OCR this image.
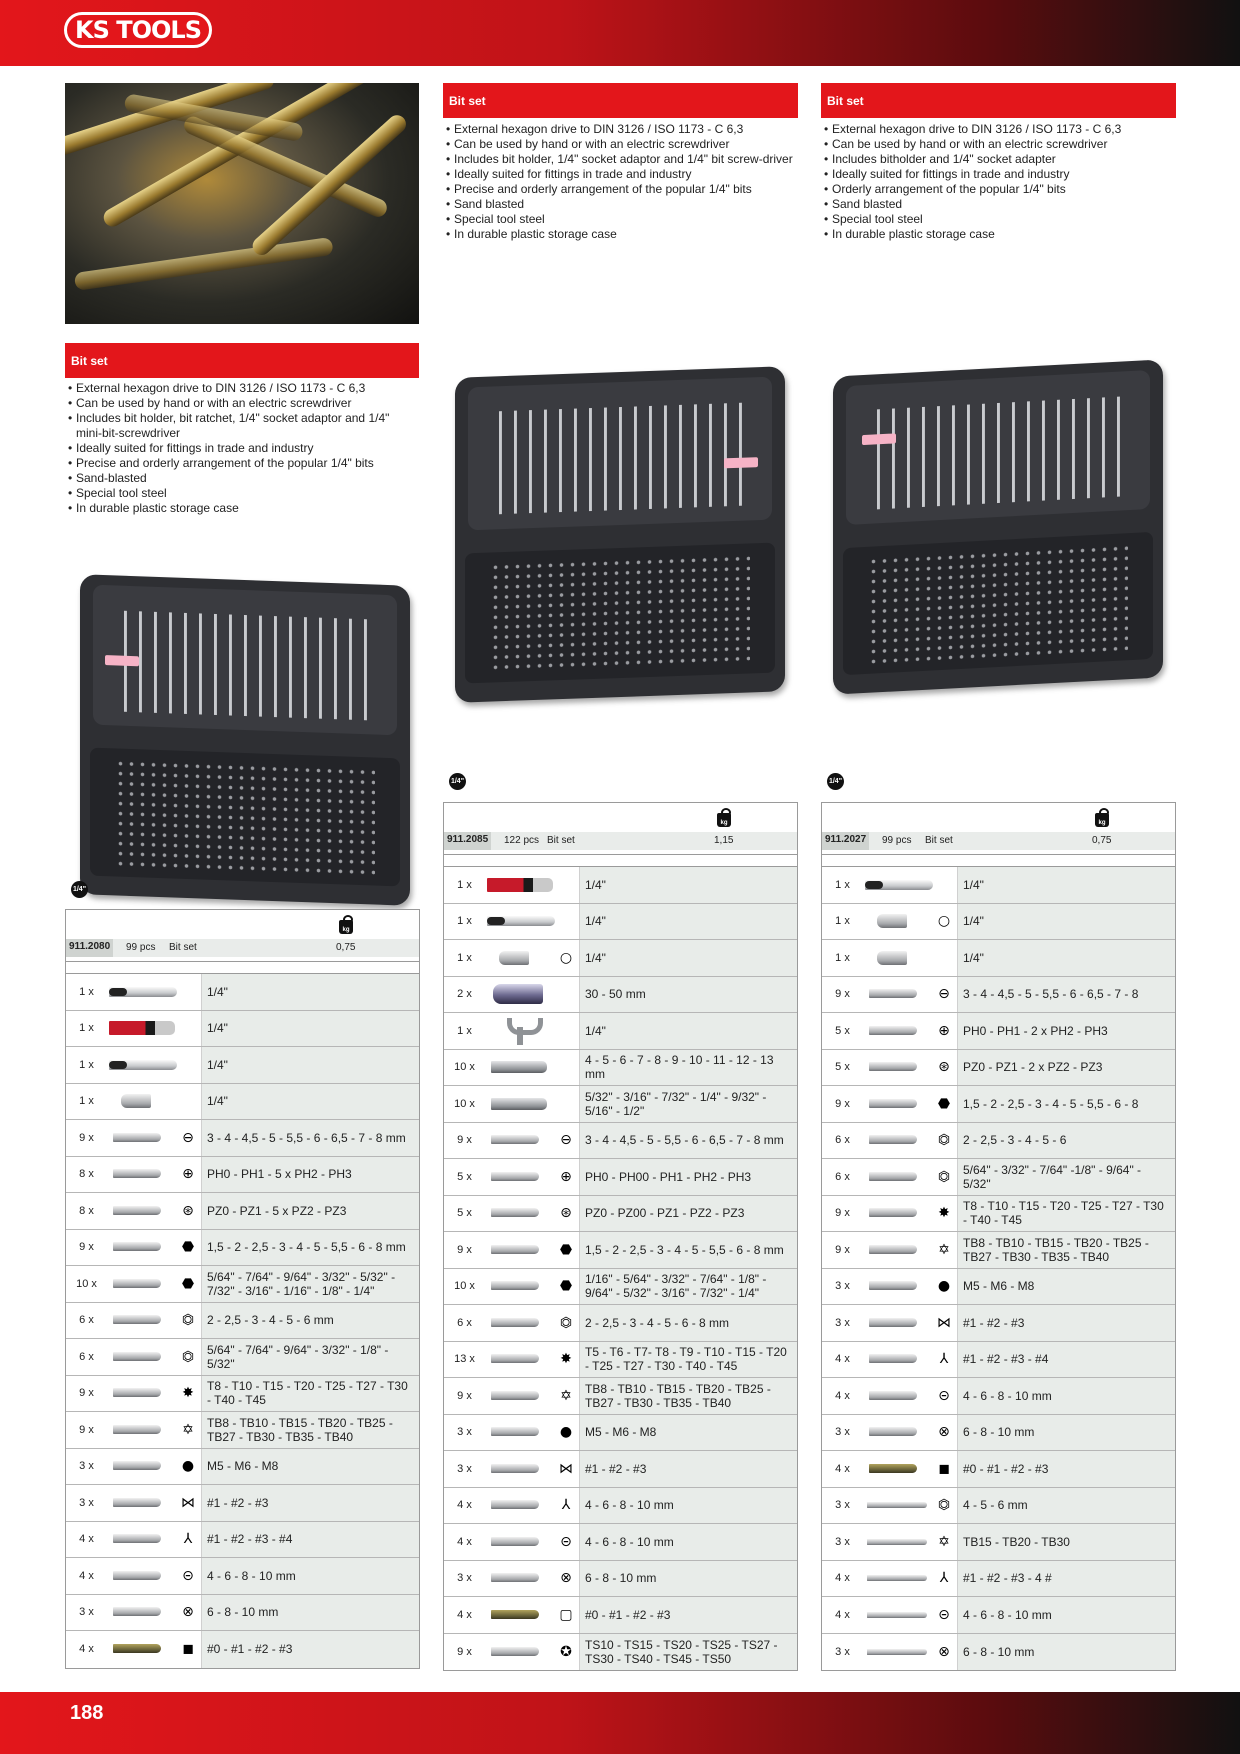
KS TOOLS
Bit set
• External hexagon drive to DIN 3126 / ISO 1173 - C 6,3
• Can be used by hand or with an electric screwdriver
• Includes bit holder, bit ratchet, 1/4" socket adaptor and 1/4" mini-bit-screwdriver
• Ideally suited for fittings in trade and industry
• Precise and orderly arrangement of the popular 1/4" bits
• Sand-blasted
• Special tool steel
• In durable plastic storage case
Bit set
• External hexagon drive to DIN 3126 / ISO 1173 - C 6,3
• Can be used by hand or with an electric screwdriver
• Includes bit holder, 1/4" socket adaptor and 1/4" bit screw-driver
• Ideally suited for fittings in trade and industry
• Precise and orderly arrangement of the popular 1/4" bits
• Sand blasted
• Special tool steel
• In durable plastic storage case
Bit set
• External hexagon drive to DIN 3126 / ISO 1173 - C 6,3
• Can be used by hand or with an electric screwdriver
• Includes bitholder and 1/4" socket adapter
• Ideally suited for fittings in trade and industry
• Orderly arrangement of the popular 1/4" bits
• Sand blasted
• Special tool steel
• In durable plastic storage case
1/4"
1/4"	1/4"
kg
911.2080	99 pcs Bit set	0,75
1 x	1/4"
1 x	1/4"
1 x	1/4"
1 x	1/4"
9 x	⊖	3 - 4 - 4,5 - 5 - 5,5 - 6 - 6,5 - 7 - 8 mm
8 x	⊕	PH0 - PH1 - 5 x PH2 - PH3
8 x	⊛	PZ0 - PZ1 - 5 x PZ2 - PZ3
9 x	⬣	1,5 - 2 - 2,5 - 3 - 4 - 5 - 5,5 - 6 - 8 mm
10 x	⬣	5/64" - 7/64" - 9/64" - 3/32" - 5/32" - 7/32" - 3/16" - 1/16" - 1/8" - 1/4"
6 x	⏣	2 - 2,5 - 3 - 4 - 5 - 6 mm
6 x	⏣	5/64" - 7/64" - 9/64" - 3/32" - 1/8" - 5/32"
9 x	✸	T8 - T10 - T15 - T20 - T25 - T27 - T30 - T40 - T45
9 x	✡	TB8 - TB10 - TB15 - TB20 - TB25 - TB27 - TB30 - TB35 - TB40
3 x	●	M5 - M6 - M8
3 x	⋈	#1 - #2 - #3
4 x	⅄	#1 - #2 - #3 - #4
4 x	⊝	4 - 6 - 8 - 10 mm
3 x	⊗	6 - 8 - 10 mm
4 x	◼	#0 - #1 - #2 - #3
kg
911.2085	122 pcs Bit set	1,15
1 x	1/4"
1 x	1/4"
1 x	○	1/4"
2 x	30 - 50 mm
1 x	1/4"
10 x	4 - 5 - 6 - 7 - 8 - 9 - 10 - 11 - 12 - 13 mm
10 x	5/32" - 3/16" - 7/32" - 1/4" - 9/32" - 5/16" - 1/2"
9 x	⊖	3 - 4 - 4,5 - 5 - 5,5 - 6 - 6,5 - 7 - 8 mm
5 x	⊕	PH0 - PH00 - PH1 - PH2 - PH3
5 x	⊛	PZ0 - PZ00 - PZ1 - PZ2 - PZ3
9 x	⬣	1,5 - 2 - 2,5 - 3 - 4 - 5 - 5,5 - 6 - 8 mm
10 x	⬣	1/16" - 5/64" - 3/32" - 7/64" - 1/8" - 9/64" - 5/32" - 3/16" - 7/32" - 1/4"
6 x	⏣	2 - 2,5 - 3 - 4 - 5 - 6 - 8 mm
13 x	✸	T5 - T6 - T7- T8 - T9 - T10 - T15 - T20 - T25 - T27 - T30 - T40 - T45
9 x	✡	TB8 - TB10 - TB15 - TB20 - TB25 - TB27 - TB30 - TB35 - TB40
3 x	●	M5 - M6 - M8
3 x	⋈	#1 - #2 - #3
4 x	⅄	4 - 6 - 8 - 10 mm
4 x	⊝	4 - 6 - 8 - 10 mm
3 x	⊗	6 - 8 - 10 mm
4 x	▢	#0 - #1 - #2 - #3
9 x	✪	TS10 - TS15 - TS20 - TS25 - TS27 - TS30 - TS40 - TS45 - TS50
kg
911.2027	99 pcs Bit set	0,75
1 x	1/4"
1 x	○	1/4"
1 x	1/4"
9 x	⊖	3 - 4 - 4,5 - 5 - 5,5 - 6 - 6,5 - 7 - 8
5 x	⊕	PH0 - PH1 - 2 x PH2 - PH3
5 x	⊛	PZ0 - PZ1 - 2 x PZ2 - PZ3
9 x	⬣	1,5 - 2 - 2,5 - 3 - 4 - 5 - 5,5 - 6 - 8
6 x	⏣	2 - 2,5 - 3 - 4 - 5 - 6
6 x	⏣	5/64" - 3/32" - 7/64" -1/8" - 9/64" - 5/32"
9 x	✸	T8 - T10 - T15 - T20 - T25 - T27 - T30 - T40 - T45
9 x	✡	TB8 - TB10 - TB15 - TB20 - TB25 - TB27 - TB30 - TB35 - TB40
3 x	●	M5 - M6 - M8
3 x	⋈	#1 - #2 - #3
4 x	⅄	#1 - #2 - #3 - #4
4 x	⊝	4 - 6 - 8 - 10 mm
3 x	⊗	6 - 8 - 10 mm
4 x	◼	#0 - #1 - #2 - #3
3 x	⏣	4 - 5 - 6 mm
3 x	✡	TB15 - TB20 - TB30
4 x	⅄	#1 - #2 - #3 - 4 #
4 x	⊝	4 - 6 - 8 - 10 mm
3 x	⊗	6 - 8 - 10 mm
188
